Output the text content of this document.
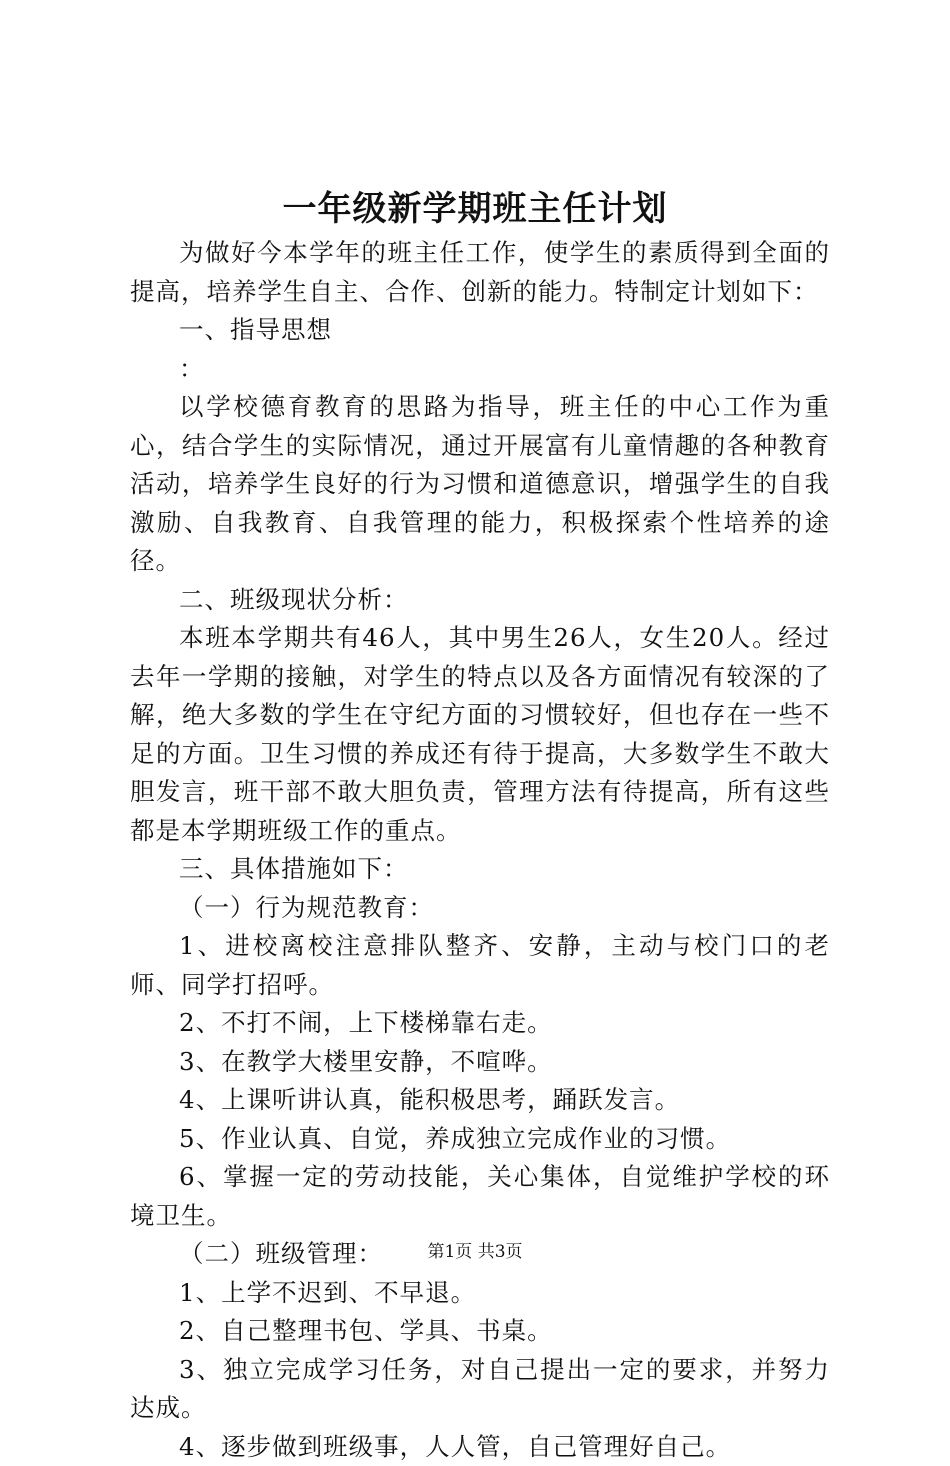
一年级新学期班主任计划

为做好今本学年的班主任工作，使学生的素质得到全面的提高，培养学生自主、合作、创新的能力。特制定计划如下：

一、指导思想

：

以学校德育教育的思路为指导，班主任的中心工作为重心，结合学生的实际情况，通过开展富有儿童情趣的各种教育活动，培养学生良好的行为习惯和道德意识，增强学生的自我激励、自我教育、自我管理的能力，积极探索个性培养的途径。

二、班级现状分析：

本班本学期共有46人，其中男生26人，女生20人。经过去年一学期的接触，对学生的特点以及各方面情况有较深的了解，绝大多数的学生在守纪方面的习惯较好，但也存在一些不足的方面。卫生习惯的养成还有待于提高，大多数学生不敢大胆发言，班干部不敢大胆负责，管理方法有待提高，所有这些都是本学期班级工作的重点。

三、具体措施如下：

（一）行为规范教育：

1、进校离校注意排队整齐、安静，主动与校门口的老师、同学打招呼。

2、不打不闹，上下楼梯靠右走。

3、在教学大楼里安静，不喧哗。

4、上课听讲认真，能积极思考，踊跃发言。

5、作业认真、自觉，养成独立完成作业的习惯。

6、掌握一定的劳动技能，关心集体，自觉维护学校的环境卫生。

（二）班级管理：

1、上学不迟到、不早退。

2、自己整理书包、学具、书桌。

3、独立完成学习任务，对自己提出一定的要求，并努力达成。

4、逐步做到班级事，人人管，自己管理好自己。

第1页 共3页
